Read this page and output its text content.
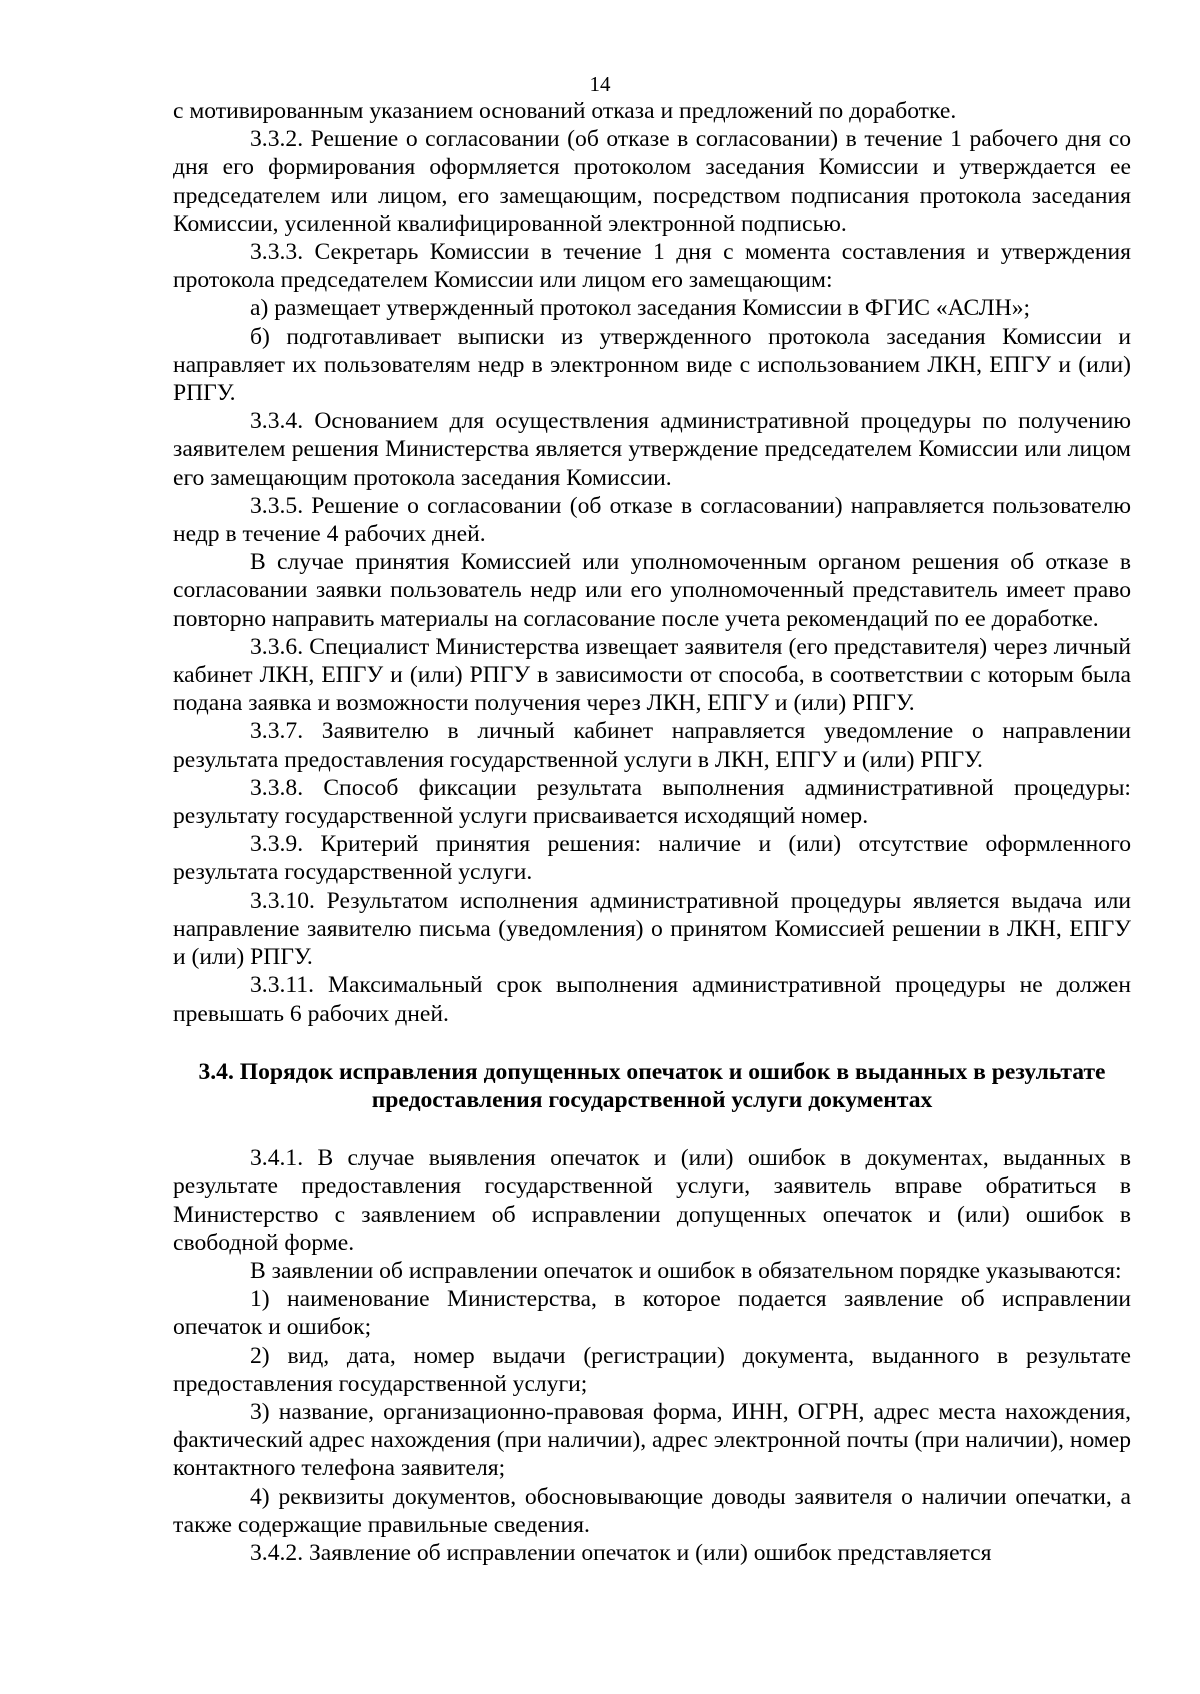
14

с мотивированным указанием оснований отказа и предложений по доработке.

3.3.2. Решение о согласовании (об отказе в согласовании) в течение 1 рабочего дня со дня его формирования оформляется протоколом заседания Комиссии и утверждается ее председателем или лицом, его замещающим, посредством подписания протокола заседания Комиссии, усиленной квалифицированной электронной подписью.

3.3.3. Секретарь Комиссии в течение 1 дня с момента составления и утверждения протокола председателем Комиссии или лицом его замещающим:

а) размещает утвержденный протокол заседания Комиссии в ФГИС «АСЛН»;

б) подготавливает выписки из утвержденного протокола заседания Комиссии и направляет их пользователям недр в электронном виде с использованием ЛКН, ЕПГУ и (или) РПГУ.

3.3.4. Основанием для осуществления административной процедуры по получению заявителем решения Министерства является утверждение председателем Комиссии или лицом его замещающим протокола заседания Комиссии.

3.3.5. Решение о согласовании (об отказе в согласовании) направляется пользователю недр в течение 4 рабочих дней.

В случае принятия Комиссией или уполномоченным органом решения об отказе в согласовании заявки пользователь недр или его уполномоченный представитель имеет право повторно направить материалы на согласование после учета рекомендаций по ее доработке.

3.3.6. Специалист Министерства извещает заявителя (его представителя) через личный кабинет ЛКН, ЕПГУ и (или) РПГУ в зависимости от способа, в соответствии с которым была подана заявка и возможности получения через ЛКН, ЕПГУ и (или) РПГУ.

3.3.7. Заявителю в личный кабинет направляется уведомление о направлении результата предоставления государственной услуги в ЛКН, ЕПГУ и (или) РПГУ.

3.3.8. Способ фиксации результата выполнения административной процедуры: результату государственной услуги присваивается исходящий номер.

3.3.9. Критерий принятия решения: наличие и (или) отсутствие оформленного результата государственной услуги.

3.3.10. Результатом исполнения административной процедуры является выдача или направление заявителю письма (уведомления) о принятом Комиссией решении в ЛКН, ЕПГУ и (или) РПГУ.

3.3.11. Максимальный срок выполнения административной процедуры не должен превышать 6 рабочих дней.

3.4. Порядок исправления допущенных опечаток и ошибок в выданных в результате
предоставления государственной услуги документах

3.4.1. В случае выявления опечаток и (или) ошибок в документах, выданных в результате предоставления государственной услуги, заявитель вправе обратиться в Министерство с заявлением об исправлении допущенных опечаток и (или) ошибок в свободной форме.

В заявлении об исправлении опечаток и ошибок в обязательном порядке указываются:

1) наименование Министерства, в которое подается заявление об исправлении опечаток и ошибок;

2) вид, дата, номер выдачи (регистрации) документа, выданного в результате предоставления государственной услуги;

3) название, организационно-правовая форма, ИНН, ОГРН, адрес места нахождения, фактический адрес нахождения (при наличии), адрес электронной почты (при наличии), номер контактного телефона заявителя;

4) реквизиты документов, обосновывающие доводы заявителя о наличии опечатки, а также содержащие правильные сведения.

3.4.2. Заявление об исправлении опечаток и (или) ошибок представляется
